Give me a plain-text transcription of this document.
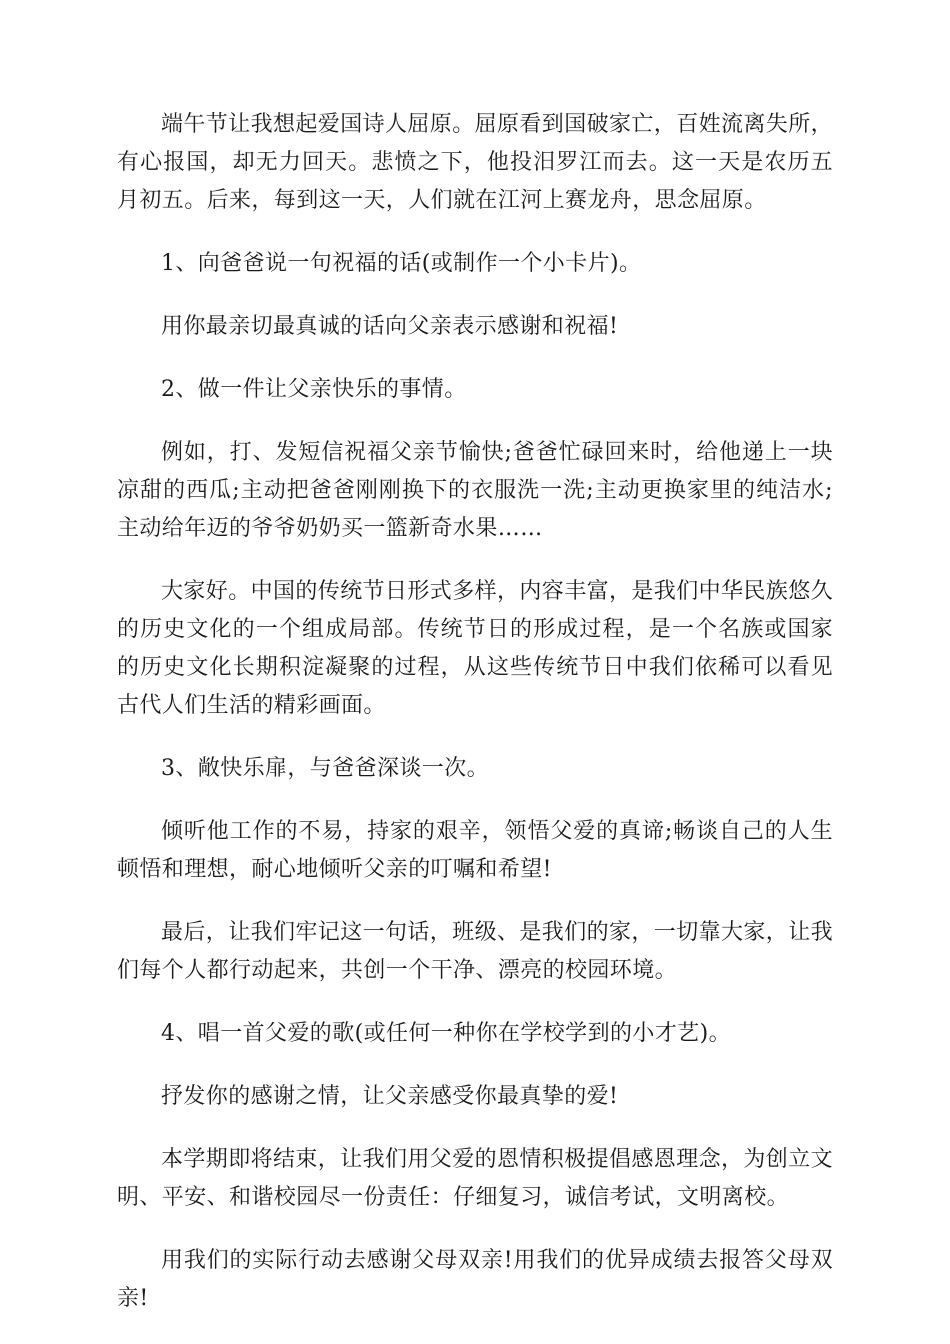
端午节让我想起爱国诗人屈原。屈原看到国破家亡，百姓流离失所，有心报国，却无力回天。悲愤之下，他投汨罗江而去。这一天是农历五月初五。后来，每到这一天，人们就在江河上赛龙舟，思念屈原。

1、向爸爸说一句祝福的话(或制作一个小卡片)。

用你最亲切最真诚的话向父亲表示感谢和祝福!

2、做一件让父亲快乐的事情。

例如，打、发短信祝福父亲节愉快;爸爸忙碌回来时，给他递上一块凉甜的西瓜;主动把爸爸刚刚换下的衣服洗一洗;主动更换家里的纯洁水;主动给年迈的爷爷奶奶买一篮新奇水果……

大家好。中国的传统节日形式多样，内容丰富，是我们中华民族悠久的历史文化的一个组成局部。传统节日的形成过程，是一个名族或国家的历史文化长期积淀凝聚的过程，从这些传统节日中我们依稀可以看见古代人们生活的精彩画面。

3、敞快乐扉，与爸爸深谈一次。

倾听他工作的不易，持家的艰辛，领悟父爱的真谛;畅谈自己的人生顿悟和理想，耐心地倾听父亲的叮嘱和希望!

最后，让我们牢记这一句话，班级、是我们的家，一切靠大家，让我们每个人都行动起来，共创一个干净、漂亮的校园环境。

4、唱一首父爱的歌(或任何一种你在学校学到的小才艺)。

抒发你的感谢之情，让父亲感受你最真挚的爱!

本学期即将结束，让我们用父爱的恩情积极提倡感恩理念，为创立文明、平安、和谐校园尽一份责任：仔细复习，诚信考试，文明离校。

用我们的实际行动去感谢父母双亲!用我们的优异成绩去报答父母双亲!
